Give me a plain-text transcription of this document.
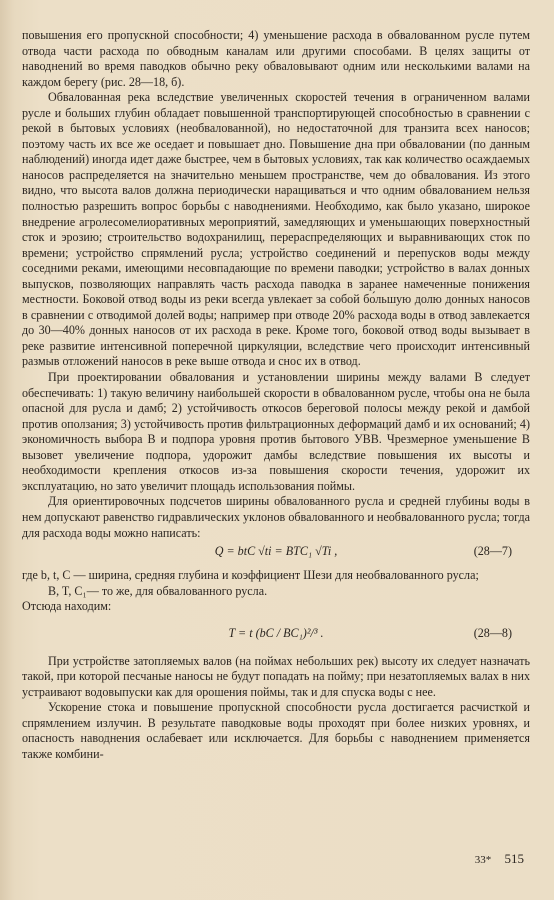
повышения его пропускной способности; 4) уменьшение расхода в обвалованном русле путем отвода части расхода по обводным каналам или другими способами. В целях защиты от наводнений во время паводков обычно реку обваловывают одним или несколькими валами на каждом берегу (рис. 28—18, б).

Обвалованная река вследствие увеличенных скоростей течения в ограниченном валами русле и больших глубин обладает повышенной транспортирующей способностью в сравнении с рекой в бытовых условиях (необвалованной), но недостаточной для транзита всех наносов; поэтому часть их все же оседает и повышает дно. Повышение дна при обваловании (по данным наблюдений) иногда идет даже быстрее, чем в бытовых условиях, так как количество осаждаемых наносов распределяется на значительно меньшем пространстве, чем до обвалования. Из этого видно, что высота валов должна периодически наращиваться и что одним обвалованием нельзя полностью разрешить вопрос борьбы с наводнениями. Необходимо, как было указано, широкое внедрение агролесомелиоративных мероприятий, замедляющих и уменьшающих поверхностный сток и эрозию; строительство водохранилищ, перераспределяющих и выравнивающих сток по времени; устройство спрямлений русла; устройство соединений и перепусков воды между соседними реками, имеющими несовпадающие по времени паводки; устройство в валах донных выпусков, позволяющих направлять часть расхода паводка в заранее намеченные понижения местности. Боковой отвод воды из реки всегда увлекает за собой бо́льшую долю донных наносов в сравнении с отводимой долей воды; например при отводе 20% расхода воды в отвод завлекается до 30—40% донных наносов от их расхода в реке. Кроме того, боковой отвод воды вызывает в реке развитие интенсивной поперечной циркуляции, вследствие чего происходит интенсивный размыв отложений наносов в реке выше отвода и снос их в отвод.

При проектировании обвалования и установлении ширины между валами B следует обеспечивать: 1) такую величину наибольшей скорости в обвалованном русле, чтобы она не была опасной для русла и дамб; 2) устойчивость откосов береговой полосы между рекой и дамбой против оползания; 3) устойчивость против фильтрационных деформаций дамб и их оснований; 4) экономичность выбора B и подпора уровня против бытового УВВ. Чрезмерное уменьшение B вызовет увеличение подпора, удорожит дамбы вследствие повышения их высоты и необходимости крепления откосов из-за повышения скорости течения, удорожит их эксплуатацию, но зато увеличит площадь использования поймы.

Для ориентировочных подсчетов ширины обвалованного русла и средней глубины воды в нем допускают равенство гидравлических уклонов обвалованного и необвалованного русла; тогда для расхода воды можно написать:

Q = btC √ti = BTC₁ √Ti ,	(28—7)

где b, t, C — ширина, средняя глубина и коэффициент Шези для необвалованного русла;

B, T, C₁— то же, для обвалованного русла.

Отсюда находим:

T = t (bC / BC₁)²/³ .	(28—8)

При устройстве затопляемых валов (на поймах небольших рек) высоту их следует назначать такой, при которой песчаные наносы не будут попадать на пойму; при незатопляемых валах в них устраивают водовыпуски как для орошения поймы, так и для спуска воды с нее.

Ускорение стока и повышение пропускной способности русла достигается расчисткой и спрямлением излучин. В результате паводковые воды проходят при более низких уровнях, и опасность наводнения ослабевает или исключается. Для борьбы с наводнением применяется также комбини-

33* 515
